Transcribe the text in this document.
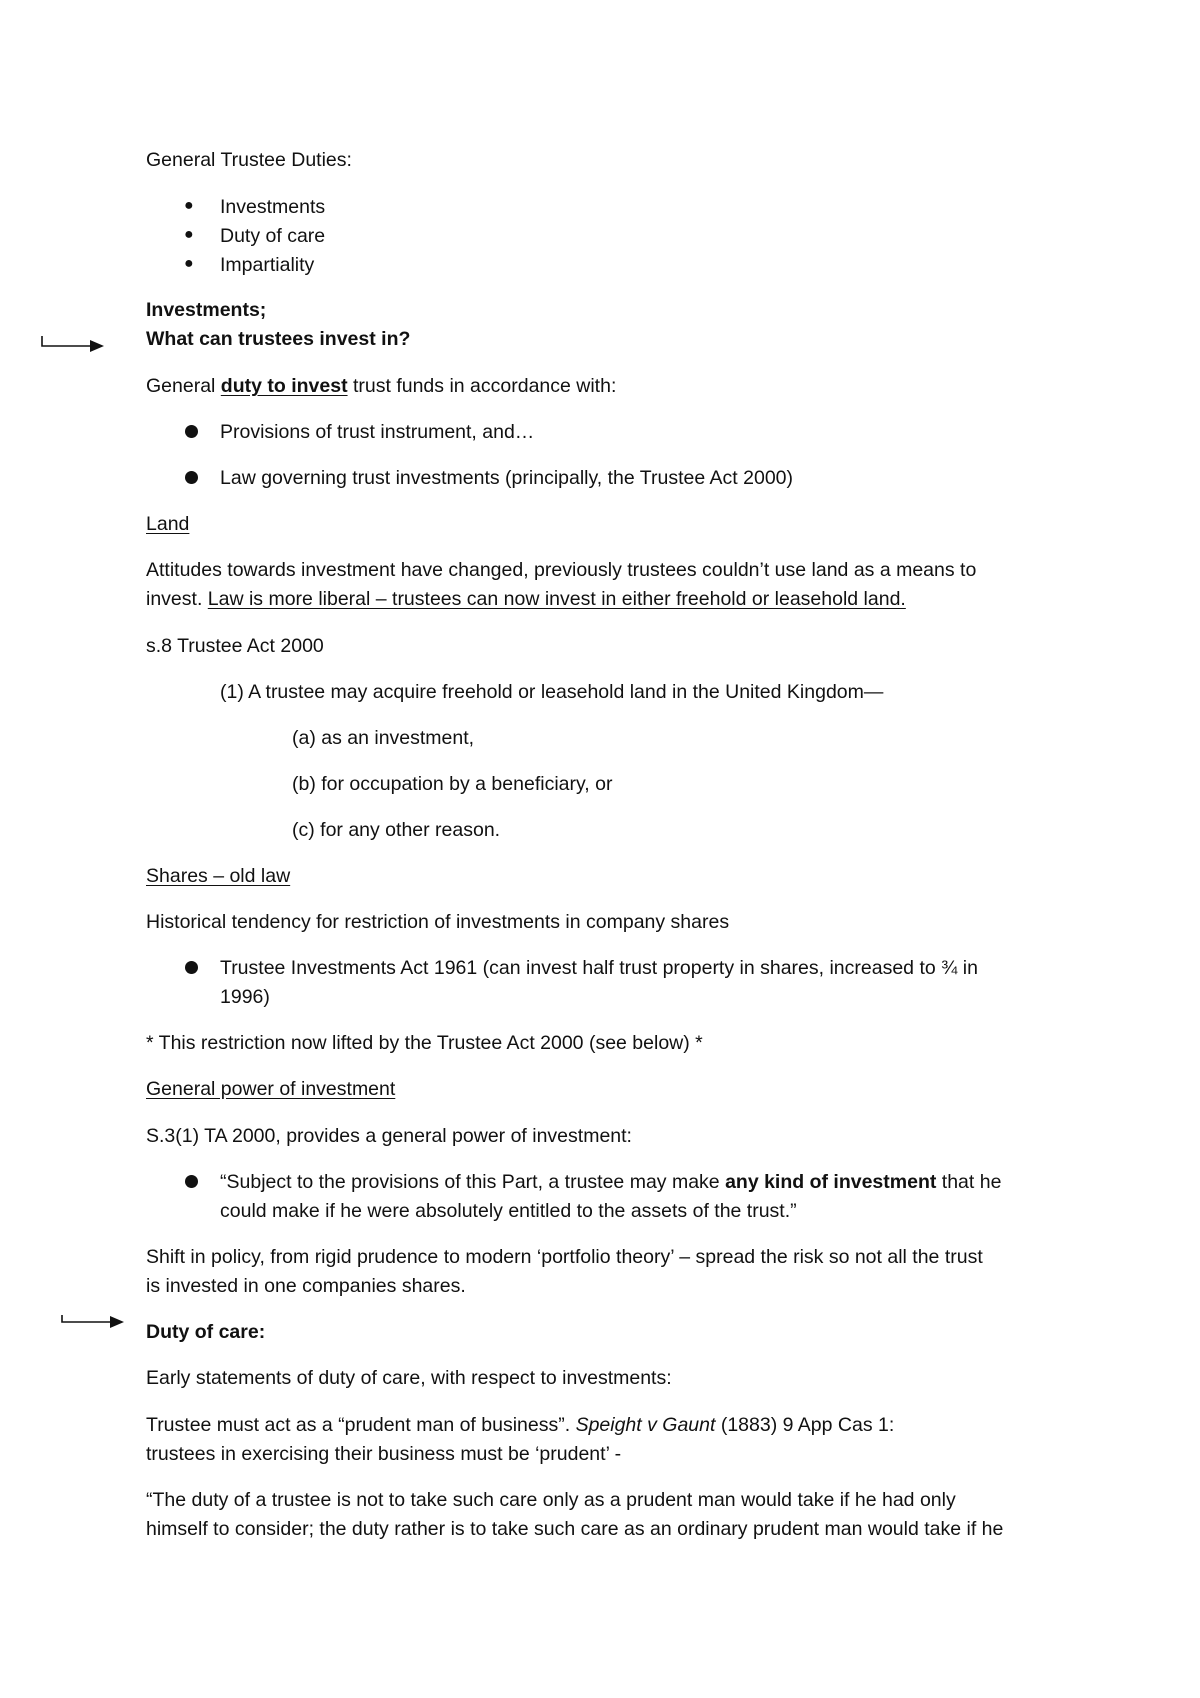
General Trustee Duties:
● Investments
● Duty of care
● Impartiality
Investments;
What can trustees invest in?
General duty to invest trust funds in accordance with:
Provisions of trust instrument, and…
Law governing trust investments (principally, the Trustee Act 2000)
Land
Attitudes towards investment have changed, previously trustees couldn’t use land as a means to
invest. Law is more liberal – trustees can now invest in either freehold or leasehold land.
s.8 Trustee Act 2000
(1) A trustee may acquire freehold or leasehold land in the United Kingdom—
(a) as an investment,
(b) for occupation by a beneficiary, or
(c) for any other reason.
Shares – old law
Historical tendency for restriction of investments in company shares
Trustee Investments Act 1961 (can invest half trust property in shares, increased to ¾ in
1996)
* This restriction now lifted by the Trustee Act 2000 (see below) *
General power of investment
S.3(1) TA 2000, provides a general power of investment:
“Subject to the provisions of this Part, a trustee may make any kind of investment that he
could make if he were absolutely entitled to the assets of the trust.”
Shift in policy, from rigid prudence to modern ‘portfolio theory’ – spread the risk so not all the trust
is invested in one companies shares.
Duty of care:
Early statements of duty of care, with respect to investments:
Trustee must act as a “prudent man of business”. Speight v Gaunt (1883) 9 App Cas 1:
trustees in exercising their business must be ‘prudent’ -
“The duty of a trustee is not to take such care only as a prudent man would take if he had only
himself to consider; the duty rather is to take such care as an ordinary prudent man would take if he
